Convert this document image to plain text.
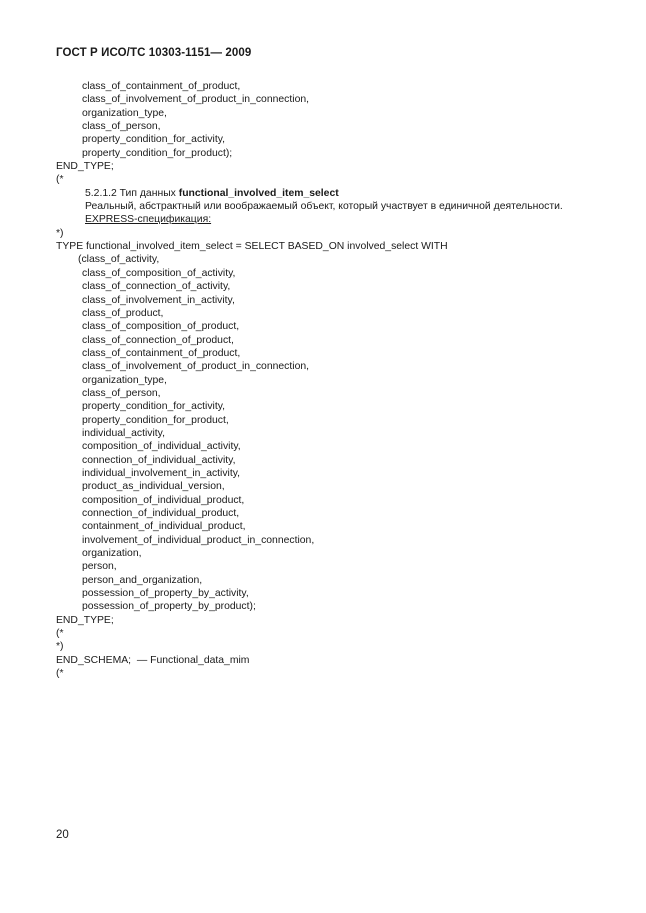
ГОСТ Р ИСО/ТС 10303-1151— 2009
class_of_containment_of_product,
class_of_involvement_of_product_in_connection,
organization_type,
class_of_person,
property_condition_for_activity,
property_condition_for_product);
END_TYPE;
(*
5.2.1.2 Тип данных functional_involved_item_select
Реальный, абстрактный или воображаемый объект, который участвует в единичной деятельности.
EXPRESS-спецификация:
*)
TYPE functional_involved_item_select = SELECT BASED_ON involved_select WITH
(class_of_activity,
class_of_composition_of_activity,
class_of_connection_of_activity,
class_of_involvement_in_activity,
class_of_product,
class_of_composition_of_product,
class_of_connection_of_product,
class_of_containment_of_product,
class_of_involvement_of_product_in_connection,
organization_type,
class_of_person,
property_condition_for_activity,
property_condition_for_product,
individual_activity,
composition_of_individual_activity,
connection_of_individual_activity,
individual_involvement_in_activity,
product_as_individual_version,
composition_of_individual_product,
connection_of_individual_product,
containment_of_individual_product,
involvement_of_individual_product_in_connection,
organization,
person,
person_and_organization,
possession_of_property_by_activity,
possession_of_property_by_product);
END_TYPE;
(*
*)
END_SCHEMA;  — Functional_data_mim
(*
20
